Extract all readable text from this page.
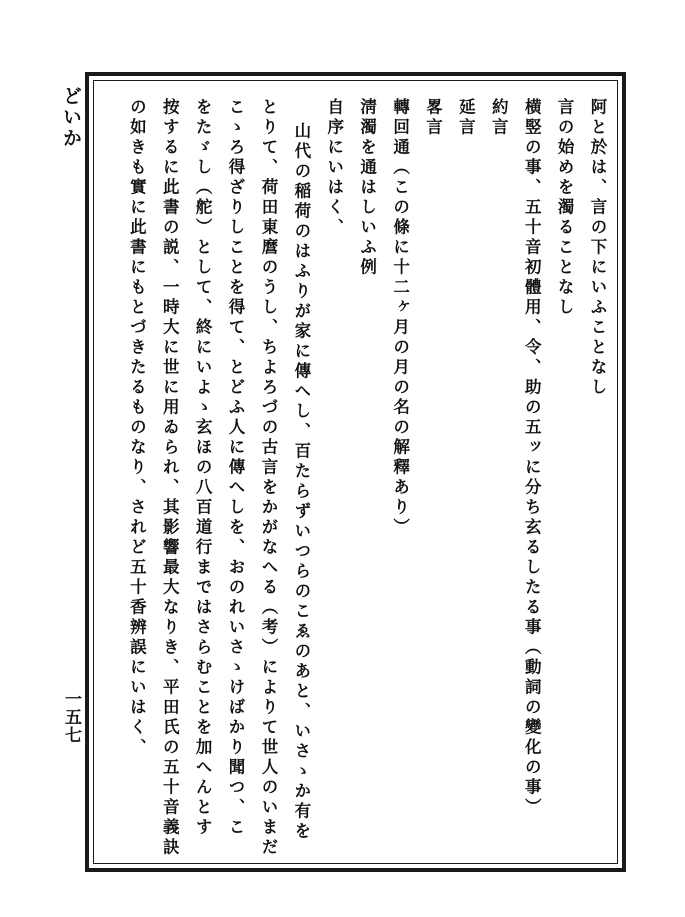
どいか
一五七
阿と於は、言の下にいふことなし
言の始めを濁ることなし
横竪の事、五十音初體用、令、助の五ッに分ち玄るしたる事（動詞の變化の事）
約言
延言
畧言
轉回通（この條に十二ヶ月の月の名の解釋あり）
淸濁を通はしいふ例
自序にいはく、
山代の稲荷のはふりが家に傳へし、百たらずいつらのこゑのあと、いさゝか有を
とりて、荷田東麿のうし、ちよろづの古言をかがなへる（考）によりて世人のいまだ
こゝろ得ざりしことを得て、とどふ人に傳へしを、おのれいさゝけばかり聞つ、こ
をたゞし（舵）として、終にいよゝ玄ほの八百道行まではさらむことを加へんとす
按するに此書の説、一時大に世に用ゐられ、其影響最大なりき、平田氏の五十音義訣
の如きも實に此書にもとづきたるものなり、されど五十香辨誤にいはく、
